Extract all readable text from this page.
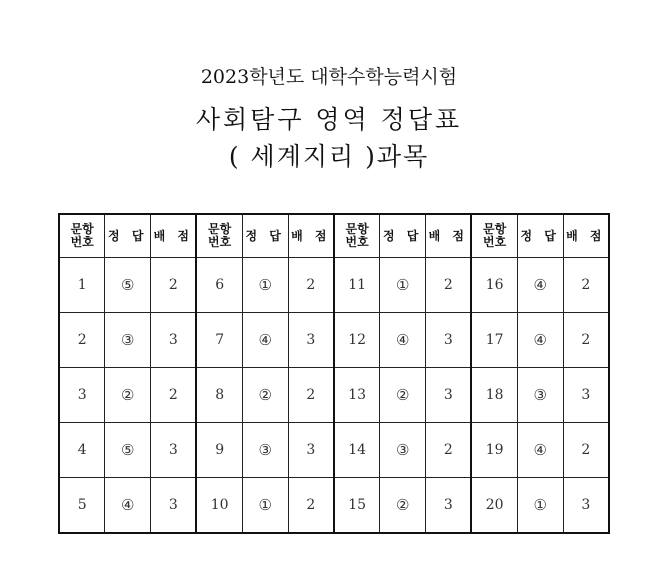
2023학년도 대학수학능력시험
사회탐구 영역 정답표
( 세계지리 )과목
문항번호	정 답	배 점	문항번호	정 답	배 점	문항번호	정 답	배 점	문항번호	정 답	배 점
1	⑤	2	6	①	2	11	①	2	16	④	2
2	③	3	7	④	3	12	④	3	17	④	2
3	②	2	8	②	2	13	②	3	18	③	3
4	⑤	3	9	③	3	14	③	2	19	④	2
5	④	3	10	①	2	15	②	3	20	①	3
